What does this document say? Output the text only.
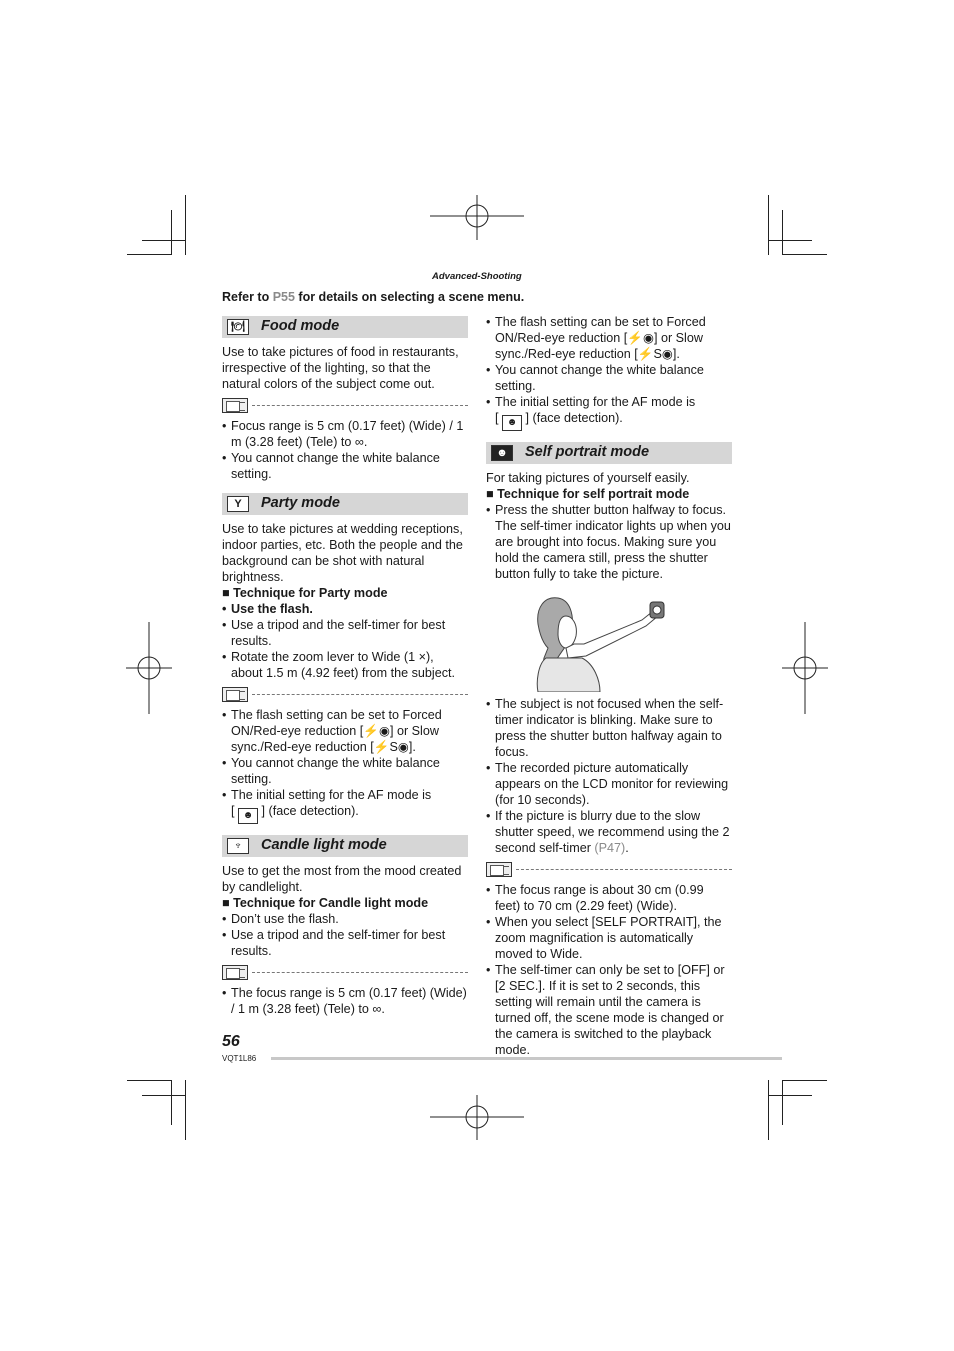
Advanced-Shooting
Refer to P55 for details on selecting a scene menu.
🍽 Food mode

Use to take pictures of food in restaurants, irrespective of the lighting, so that the natural colors of the subject come out.

• Focus range is 5 cm (0.17 feet) (Wide) / 1 m (3.28 feet) (Tele) to ∞.
• You cannot change the white balance setting.
Y	Party mode

Use to take pictures at wedding receptions, indoor parties, etc. Both the people and the background can be shot with natural brightness.

■ Technique for Party mode

• Use the flash.
• Use a tripod and the self-timer for best results.
• Rotate the zoom lever to Wide (1 ×), about 1.5 m (4.92 feet) from the subject.
• The flash setting can be set to Forced ON/Red-eye reduction [⚡◉] or Slow sync./Red-eye reduction [⚡S◉].
• You cannot change the white balance setting.
• The initial setting for the AF mode is
[ ☻ ] (face detection).
♆	Candle light mode

Use to get the most from the mood created by candlelight.

■ Technique for Candle light mode

• Don’t use the flash.
• Use a tripod and the self-timer for best results.
• The focus range is 5 cm (0.17 feet) (Wide) / 1 m (3.28 feet) (Tele) to ∞.
• The flash setting can be set to Forced ON/Red-eye reduction [⚡◉] or Slow sync./Red-eye reduction [⚡S◉].
• You cannot change the white balance setting.
• The initial setting for the AF mode is
[ ☻ ] (face detection).
☻	Self portrait mode

For taking pictures of yourself easily.

■ Technique for self portrait mode

• Press the shutter button halfway to focus. The self-timer indicator lights up when you are brought into focus. Making sure you hold the camera still, press the shutter button fully to take the picture.
• The subject is not focused when the self-timer indicator is blinking. Make sure to press the shutter button halfway again to focus.
• The recorded picture automatically appears on the LCD monitor for reviewing (for 10 seconds).
• If the picture is blurry due to the slow shutter speed, we recommend using the 2 second self-timer (P47).
• The focus range is about 30 cm (0.99 feet) to 70 cm (2.29 feet) (Wide).
• When you select [SELF PORTRAIT], the zoom magnification is automatically moved to Wide.
• The self-timer can only be set to [OFF] or [2 SEC.]. If it is set to 2 seconds, this setting will remain until the camera is turned off, the scene mode is changed or the camera is switched to the playback mode.
56
VQT1L86
